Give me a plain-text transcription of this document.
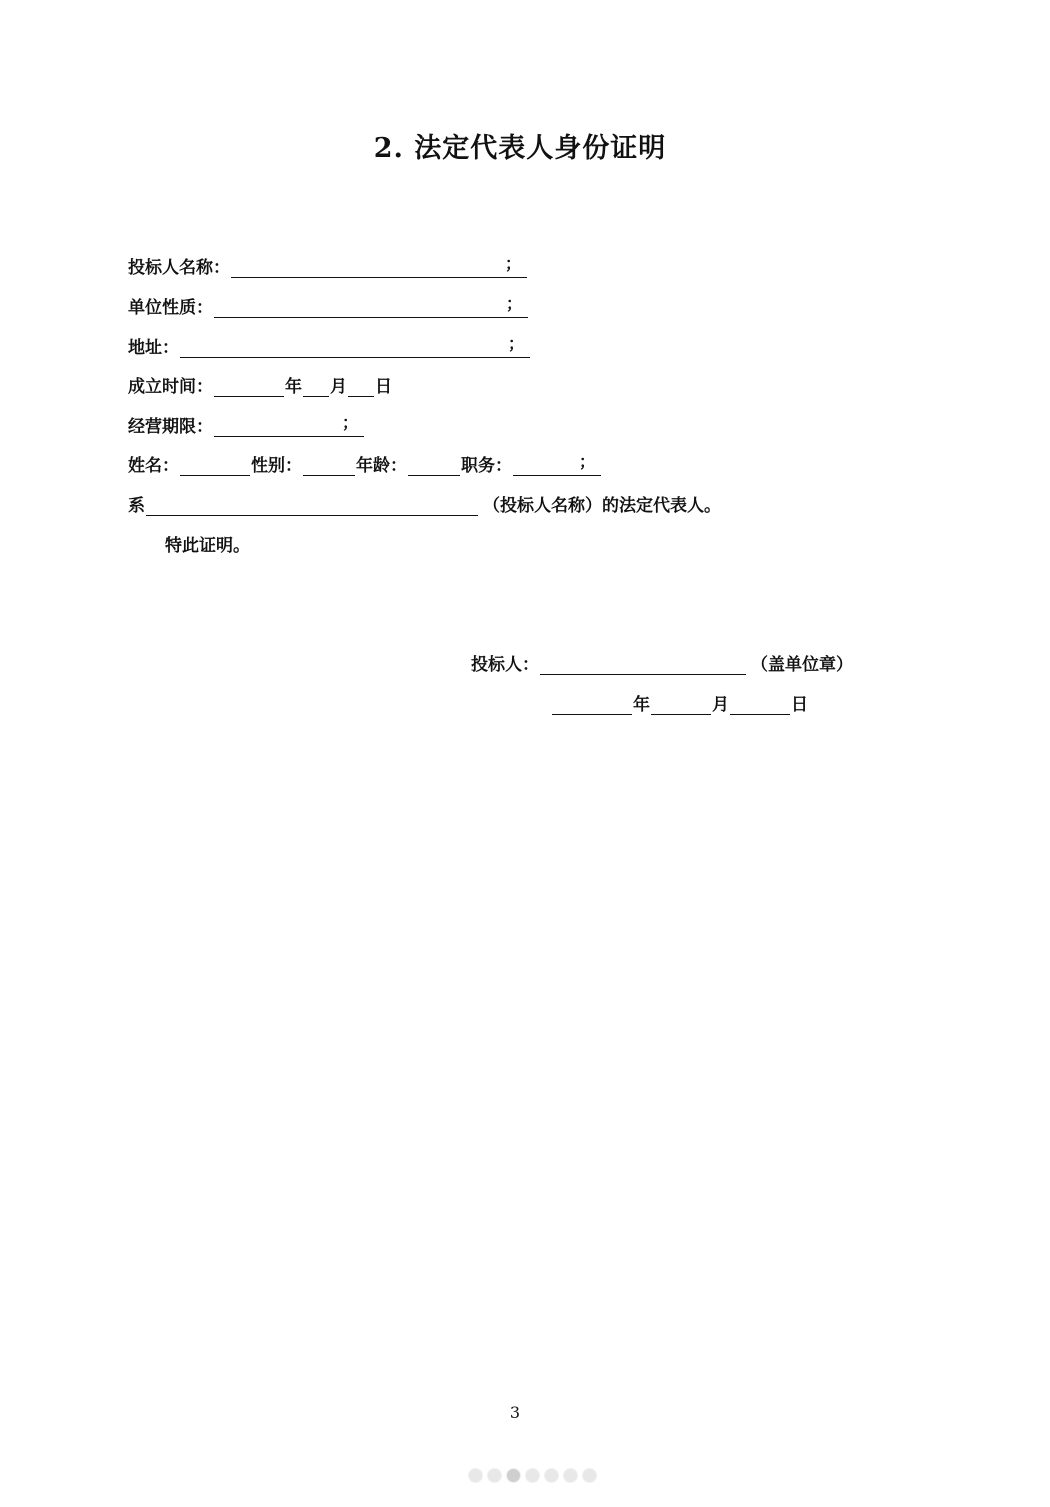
2. 法定代表人身份证明
投标人名称：	；
单位性质：	；
地址：	；
成立时间：	年 月 日
经营期限：	；
姓名：	性别：	年龄：	职务：	；
系	（投标人名称）的法定代表人。
特此证明。
投标人：	（盖单位章）
年	月	日
3
